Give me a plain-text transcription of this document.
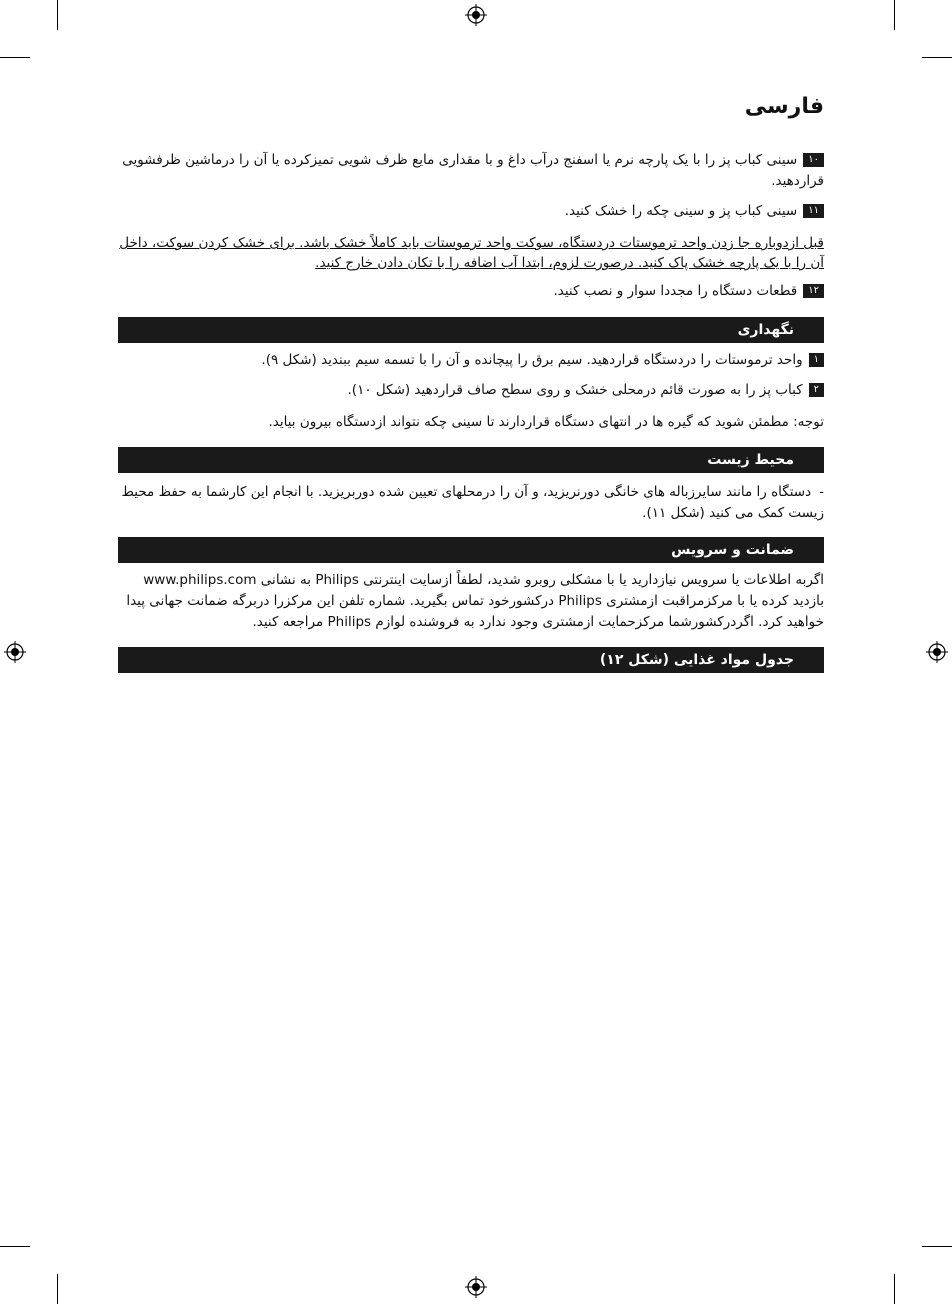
فارسی
۱۰سینی کباب پز را با یک پارچه نرم یا اسفنج درآب داغ و با مقداری مایع ظرف شویی تمیزکرده یا آن را درماشین ظرفشویی قراردهید.
۱۱سینی کباب پز و سینی چکه را خشک کنید.
قبل ازدوباره جا زدن واحد ترموستات دردستگاه، سوکت واحد ترموستات باید کاملاً خشک باشد. برای خشک کردن سوکت، داخل آن را با یک پارچه خشک پاک کنید. درصورت لزوم، ابتدا آب اضافه را با تکان دادن خارج کنید.
۱۲قطعات دستگاه را مجددا سوار و نصب کنید.
نگهداری
۱واحد ترموستات را دردستگاه قراردهید. سیم برق را پیچانده و آن را با تسمه سیم ببندید (شکل ۹).
۲کباب پز را به صورت قائم درمحلی خشک و روی سطح صاف قراردهید (شکل ۱۰).
توجه: مطمئن شوید که گیره ها در انتهای دستگاه قراردارند تا سینی چکه نتواند ازدستگاه بیرون بیاید.
محیط زیست
-دستگاه را مانند سایرزباله های خانگی دورنریزید، و آن را درمحلهای تعیین شده دوربریزید. با انجام این کارشما به حفظ محیط زیست کمک می کنید (شکل ۱۱).
ضمانت و سرویس
اگربه اطلاعات یا سرویس نیازدارید یا با مشکلی روبرو شدید، لطفاً ازسایت اینترنتی Philips به نشانی www.philips.com بازدید کرده یا با مرکزمراقبت ازمشتری Philips درکشورخود تماس بگیرید. شماره تلفن این مرکزرا دربرگه ضمانت جهانی پیدا خواهید کرد. اگردرکشورشما مرکزحمایت ازمشتری وجود ندارد به فروشنده لوازم Philips مراجعه کنید.
جدول مواد غذایی (شکل ۱۲)
